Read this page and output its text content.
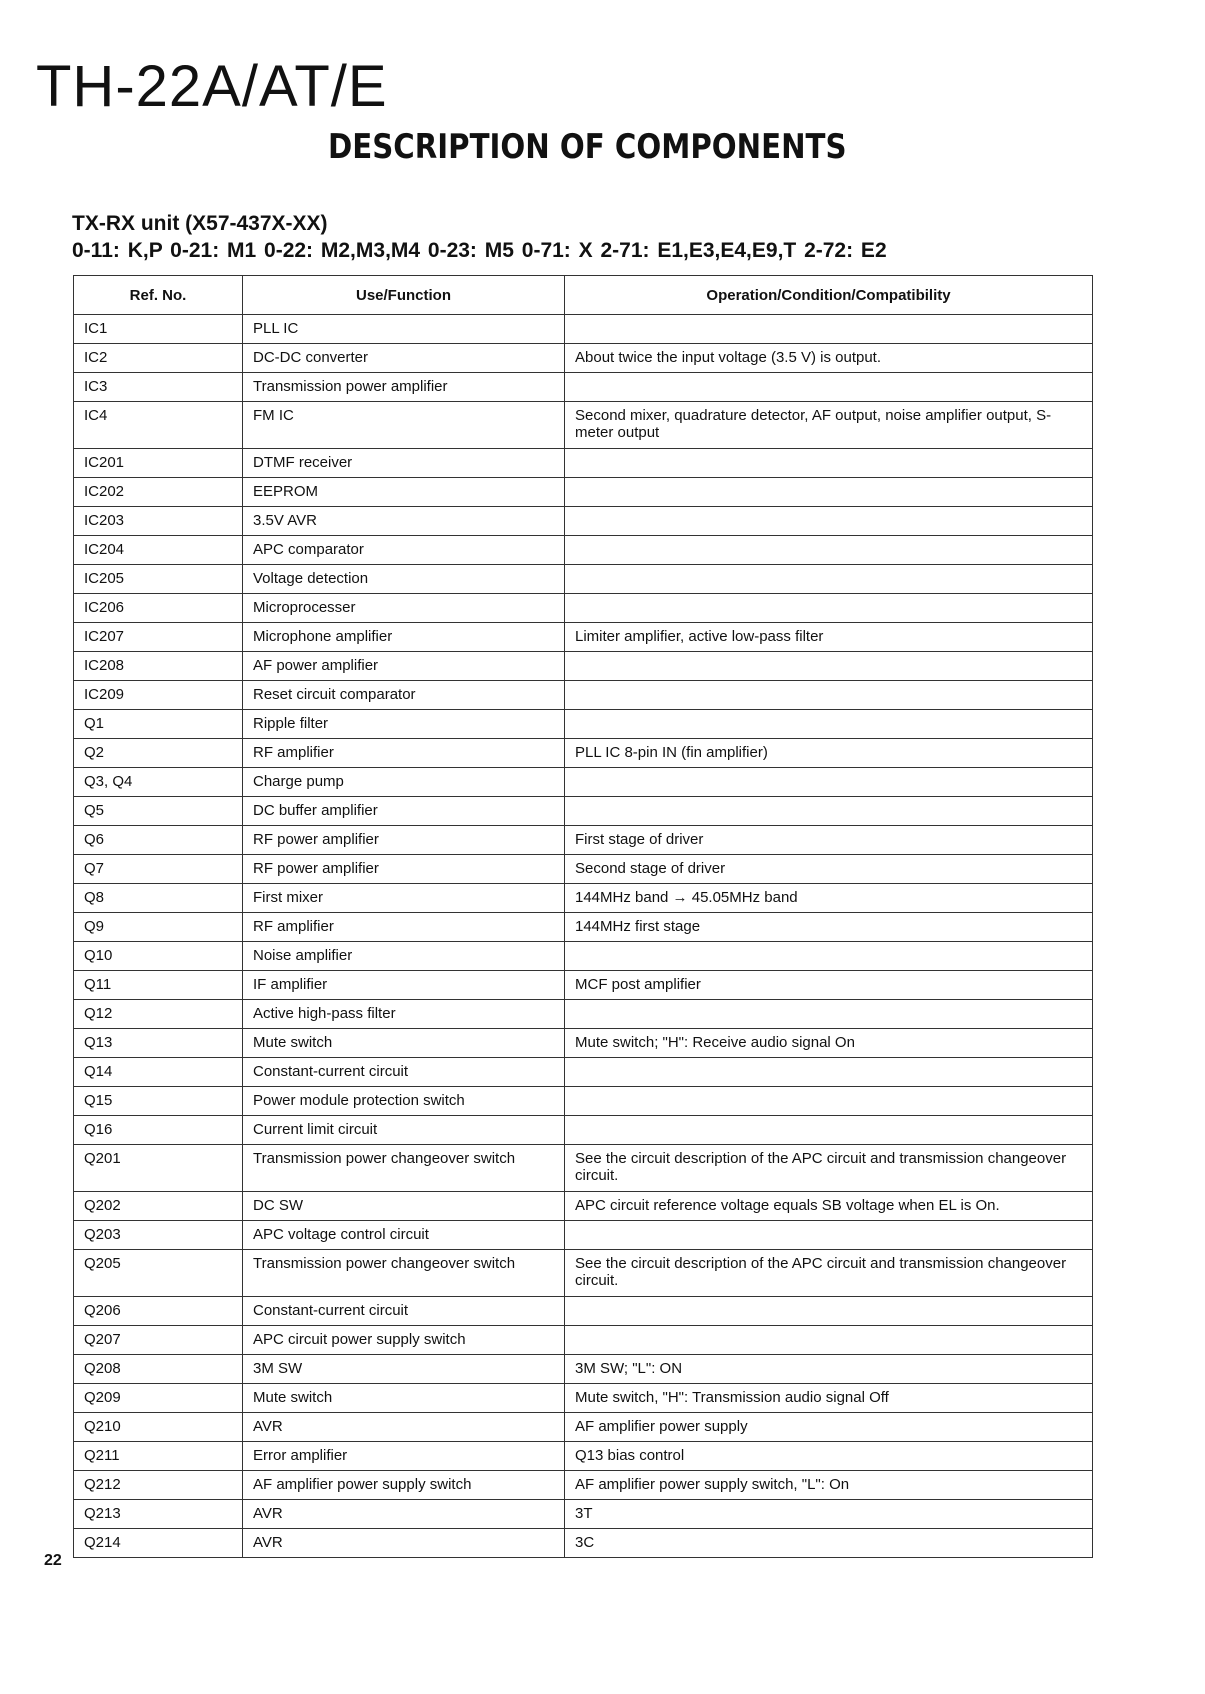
TH-22A/AT/E
DESCRIPTION OF COMPONENTS
TX-RX unit (X57-437X-XX)
0-11: K,P 0-21: M1 0-22: M2,M3,M4 0-23: M5 0-71: X 2-71: E1,E3,E4,E9,T 2-72: E2
Ref. No.	Use/Function	Operation/Condition/Compatibility
IC1	PLL IC	
IC2	DC-DC converter	About twice the input voltage (3.5 V) is output.
IC3	Transmission power amplifier	
IC4	FM IC	Second mixer, quadrature detector, AF output, noise amplifier output, S-meter output
IC201	DTMF receiver	
IC202	EEPROM	
IC203	3.5V AVR	
IC204	APC comparator	
IC205	Voltage detection	
IC206	Microprocesser	
IC207	Microphone amplifier	Limiter amplifier, active low-pass filter
IC208	AF power amplifier	
IC209	Reset circuit comparator	
Q1	Ripple filter	
Q2	RF amplifier	PLL IC 8-pin IN (fin amplifier)
Q3, Q4	Charge pump	
Q5	DC buffer amplifier	
Q6	RF power amplifier	First stage of driver
Q7	RF power amplifier	Second stage of driver
Q8	First mixer	144MHz band → 45.05MHz band
Q9	RF amplifier	144MHz first stage
Q10	Noise amplifier	
Q11	IF amplifier	MCF post amplifier
Q12	Active high-pass filter	
Q13	Mute switch	Mute switch; "H": Receive audio signal On
Q14	Constant-current circuit	
Q15	Power module protection switch	
Q16	Current limit circuit	
Q201	Transmission power changeover switch	See the circuit description of the APC circuit and transmission changeover circuit.
Q202	DC SW	APC circuit reference voltage equals SB voltage when EL is On.
Q203	APC voltage control circuit	
Q205	Transmission power changeover switch	See the circuit description of the APC circuit and transmission changeover circuit.
Q206	Constant-current circuit	
Q207	APC circuit power supply switch	
Q208	3M SW	3M SW; "L": ON
Q209	Mute switch	Mute switch, "H": Transmission audio signal Off
Q210	AVR	AF amplifier power supply
Q211	Error amplifier	Q13 bias control
Q212	AF amplifier power supply switch	AF amplifier power supply switch, "L": On
Q213	AVR	3T
Q214	AVR	3C
22
